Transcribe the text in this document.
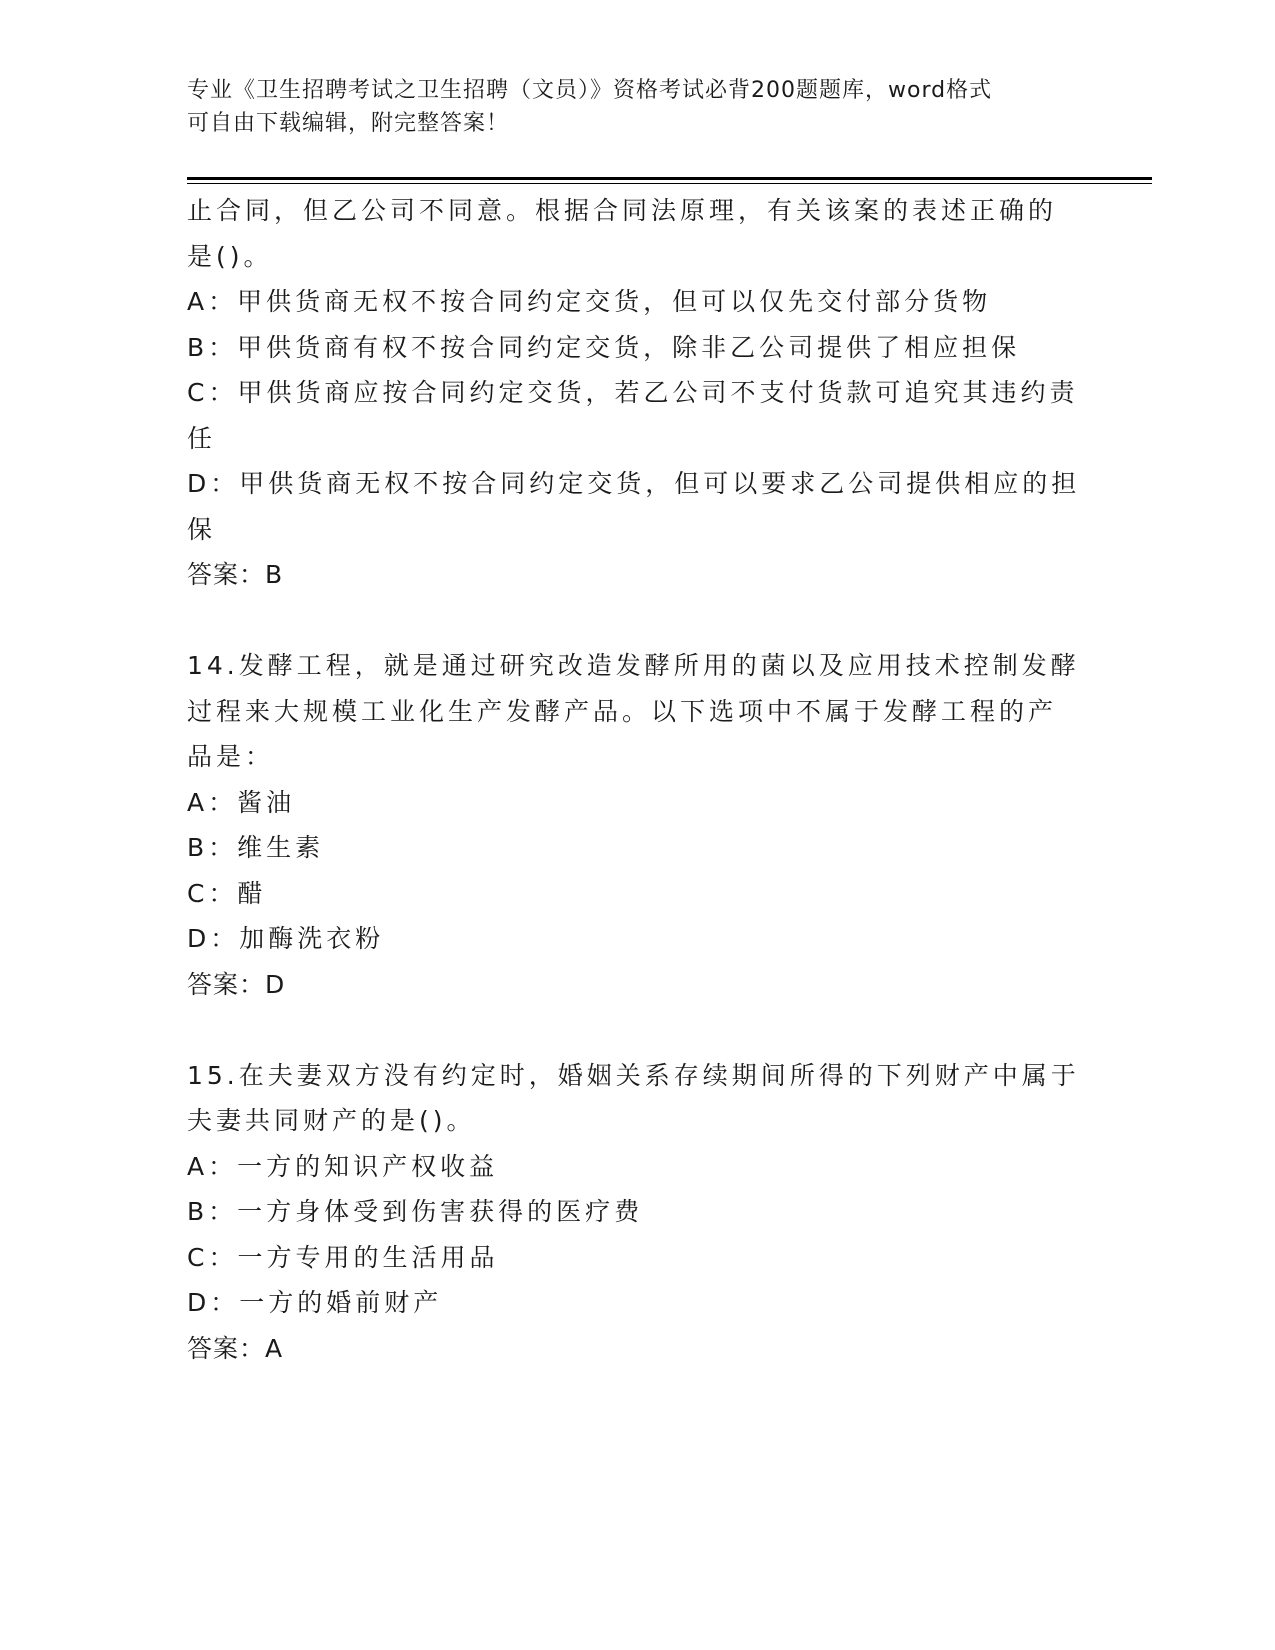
专业《卫生招聘考试之卫生招聘（文员）》资格考试必背200题题库，word格式
可自由下载编辑，附完整答案！
止合同，但乙公司不同意。根据合同法原理，有关该案的表述正确的
是()。
A：甲供货商无权不按合同约定交货，但可以仅先交付部分货物
B：甲供货商有权不按合同约定交货，除非乙公司提供了相应担保
C：甲供货商应按合同约定交货，若乙公司不支付货款可追究其违约责
任
D：甲供货商无权不按合同约定交货，但可以要求乙公司提供相应的担
保
答案：B
14.发酵工程，就是通过研究改造发酵所用的菌以及应用技术控制发酵
过程来大规模工业化生产发酵产品。以下选项中不属于发酵工程的产
品是：
A：酱油
B：维生素
C：醋
D：加酶洗衣粉
答案：D
15.在夫妻双方没有约定时，婚姻关系存续期间所得的下列财产中属于
夫妻共同财产的是()。
A：一方的知识产权收益
B：一方身体受到伤害获得的医疗费
C：一方专用的生活用品
D：一方的婚前财产
答案：A
